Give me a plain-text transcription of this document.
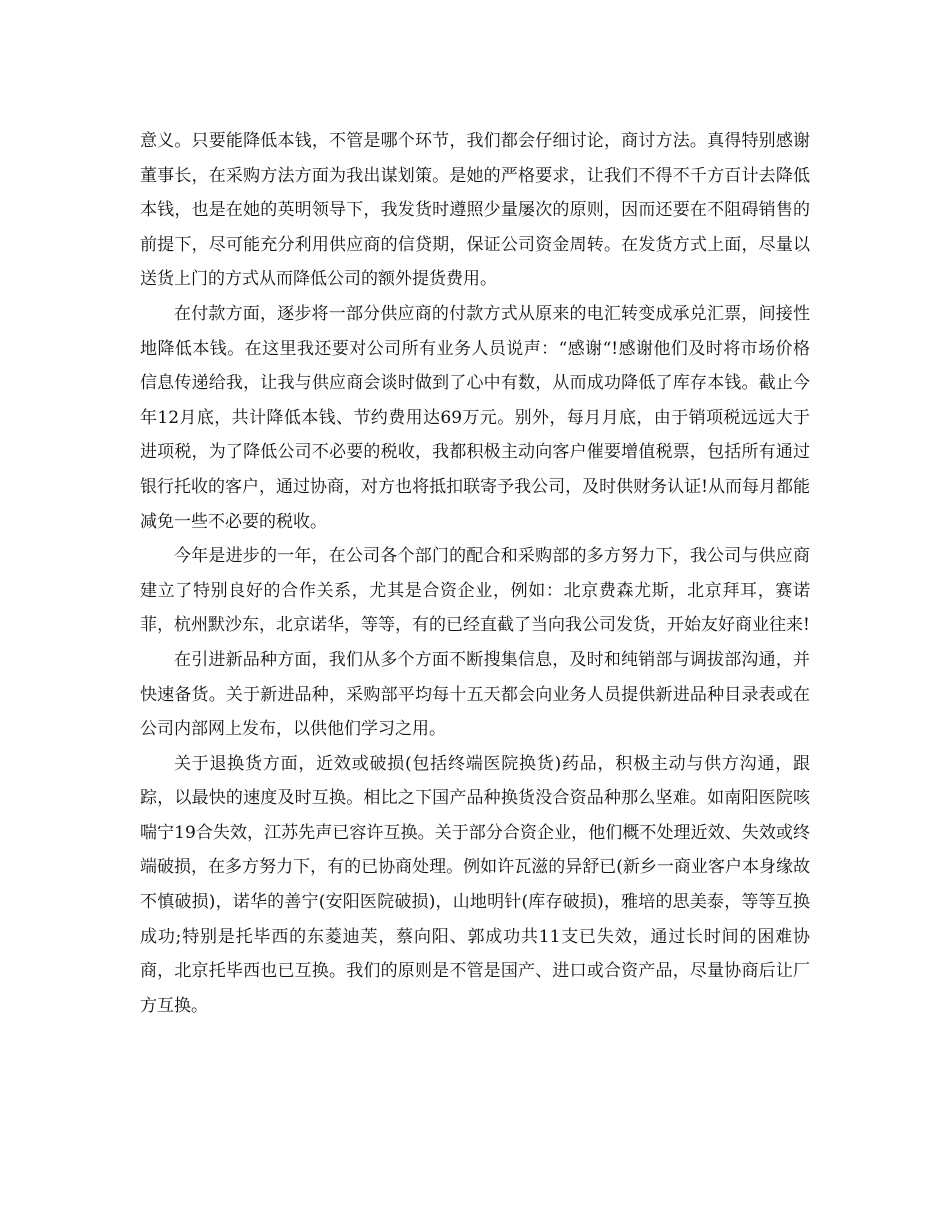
意义。只要能降低本钱，不管是哪个环节，我们都会仔细讨论，商讨方法。真得特别感谢董事长，在采购方法方面为我出谋划策。是她的严格要求，让我们不得不千方百计去降低本钱，也是在她的英明领导下，我发货时遵照少量屡次的原则，因而还要在不阻碍销售的前提下，尽可能充分利用供应商的信贷期，保证公司资金周转。在发货方式上面，尽量以送货上门的方式从而降低公司的额外提货费用。

在付款方面，逐步将一部分供应商的付款方式从原来的电汇转变成承兑汇票，间接性地降低本钱。在这里我还要对公司所有业务人员说声：“感谢“!感谢他们及时将市场价格信息传递给我，让我与供应商会谈时做到了心中有数，从而成功降低了库存本钱。截止今年12月底，共计降低本钱、节约费用达69万元。别外，每月月底，由于销项税远远大于进项税，为了降低公司不必要的税收，我都积极主动向客户催要增值税票，包括所有通过银行托收的客户，通过协商，对方也将抵扣联寄予我公司，及时供财务认证!从而每月都能减免一些不必要的税收。

今年是进步的一年，在公司各个部门的配合和采购部的多方努力下，我公司与供应商建立了特别良好的合作关系，尤其是合资企业，例如：北京费森尤斯，北京拜耳，赛诺菲，杭州默沙东，北京诺华，等等，有的已经直截了当向我公司发货，开始友好商业往来!

在引进新品种方面，我们从多个方面不断搜集信息，及时和纯销部与调拔部沟通，并快速备货。关于新进品种，采购部平均每十五天都会向业务人员提供新进品种目录表或在公司内部网上发布，以供他们学习之用。

关于退换货方面，近效或破损(包括终端医院换货)药品，积极主动与供方沟通，跟踪，以最快的速度及时互换。相比之下国产品种换货没合资品种那么坚难。如南阳医院咳喘宁19合失效，江苏先声已容许互换。关于部分合资企业，他们概不处理近效、失效或终端破损，在多方努力下，有的已协商处理。例如许瓦滋的异舒已(新乡一商业客户本身缘故不慎破损)，诺华的善宁(安阳医院破损)，山地明针(库存破损)，雅培的思美泰，等等互换成功;特别是托毕西的东菱迪芙，蔡向阳、郭成功共11支已失效，通过长时间的困难协商，北京托毕西也已互换。我们的原则是不管是国产、进口或合资产品，尽量协商后让厂方互换。
